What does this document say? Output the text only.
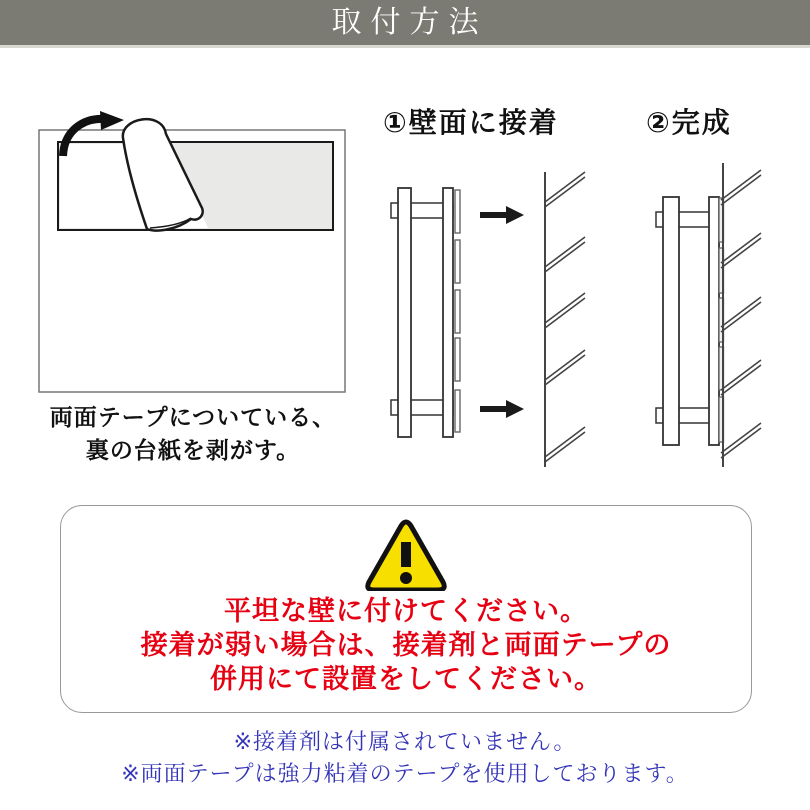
取付方法
両面テープについている、
裏の台紙を剥がす。
①壁面に接着	②完成
平坦な壁に付けてください。
接着が弱い場合は、接着剤と両面テープの
併用にて設置をしてください。
※接着剤は付属されていません。
※両面テープは強力粘着のテープを使用しております。
